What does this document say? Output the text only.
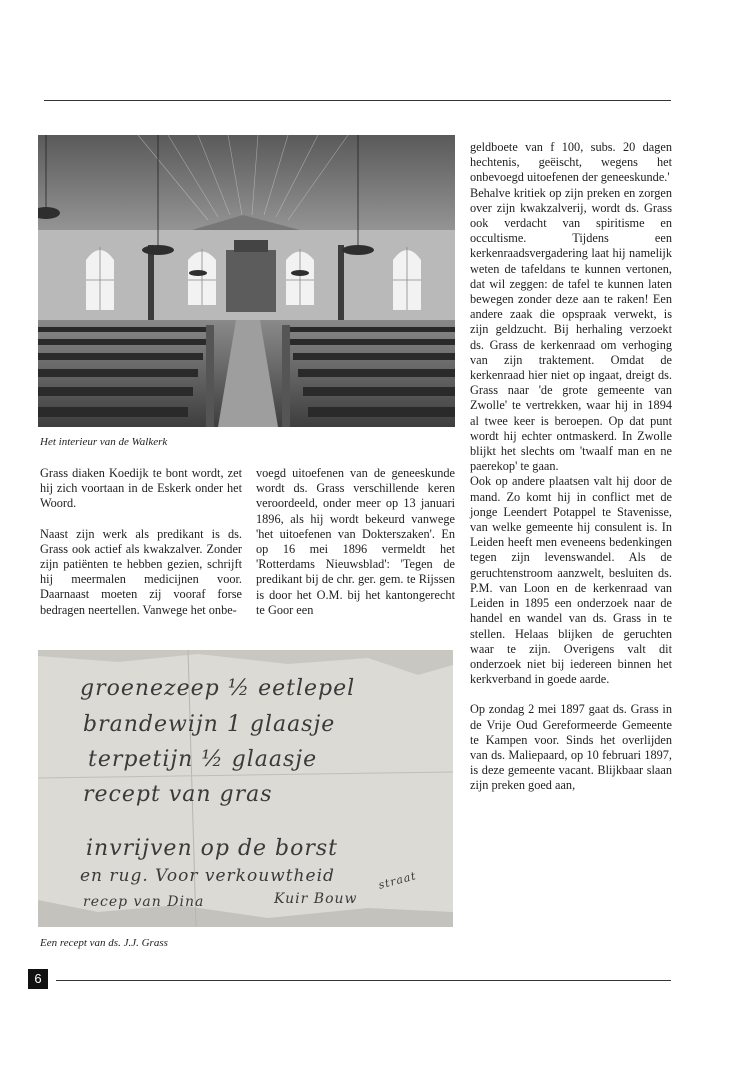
Het interieur van de Walkerk

Grass diaken Koedijk te bont wordt, zet hij zich voortaan in de Eskerk onder het Woord.

Naast zijn werk als predikant is ds. Grass ook actief als kwakzalver. Zonder zijn patiënten te hebben gezien, schrijft hij meermalen medicijnen voor. Daarnaast moeten zij vooraf forse bedragen neertellen. Vanwege het onbe-

voegd uitoefenen van de geneeskunde wordt ds. Grass verschillende keren veroordeeld, onder meer op 13 januari 1896, als hij wordt bekeurd vanwege 'het uitoefenen van Dokterszaken'. En op 16 mei 1896 vermeldt het 'Rotterdams Nieuwsblad': 'Tegen de predikant bij de chr. ger. gem. te Rijssen is door het O.M. bij het kantongerecht te Goor een

geldboete van f 100, subs. 20 dagen hechtenis, geëischt, wegens het onbevoegd uitoefenen der geneeskunde.'

Behalve kritiek op zijn preken en zorgen over zijn kwakzalverij, wordt ds. Grass ook verdacht van spiritisme en occultisme. Tijdens een kerkenraadsvergadering laat hij namelijk weten de tafeldans te kunnen vertonen, dat wil zeggen: de tafel te kunnen laten bewegen zonder deze aan te raken! Een andere zaak die opspraak verwekt, is zijn geldzucht. Bij herhaling verzoekt ds. Grass de kerkenraad om verhoging van zijn traktement. Omdat de kerkenraad hier niet op ingaat, dreigt ds. Grass naar 'de grote gemeente van Zwolle' te vertrekken, waar hij in 1894 al twee keer is beroepen. Op dat punt wordt hij echter ontmaskerd. In Zwolle blijkt het slechts om 'twaalf man en ne paerekop' te gaan.

Ook op andere plaatsen valt hij door de mand. Zo komt hij in conflict met de jonge Leendert Potappel te Stavenisse, van welke gemeente hij consulent is. In Leiden heeft men eveneens bedenkingen tegen zijn levenswandel. Als de geruchtenstroom aanzwelt, besluiten ds. P.M. van Loon en de kerkenraad van Leiden in 1895 een onderzoek naar de handel en wandel van ds. Grass in te stellen. Helaas blijken de geruchten waar te zijn. Overigens valt dit onderzoek niet bij iedereen binnen het kerkverband in goede aarde.

Op zondag 2 mei 1897 gaat ds. Grass in de Vrije Oud Gereformeerde Gemeente te Kampen voor. Sinds het overlijden van ds. Maliepaard, op 10 februari 1897, is deze gemeente vacant. Blijkbaar slaan zijn preken goed aan,

groenezeep ½ eetlepel
brandewijn 1 glaasje
terpetijn ½ glaasje
recept van gras
invrijven op de borst
en rug. Voor verkouwtheid
recep van Dina	Kuir Bouw
straat
Een recept van ds. J.J. Grass
6
